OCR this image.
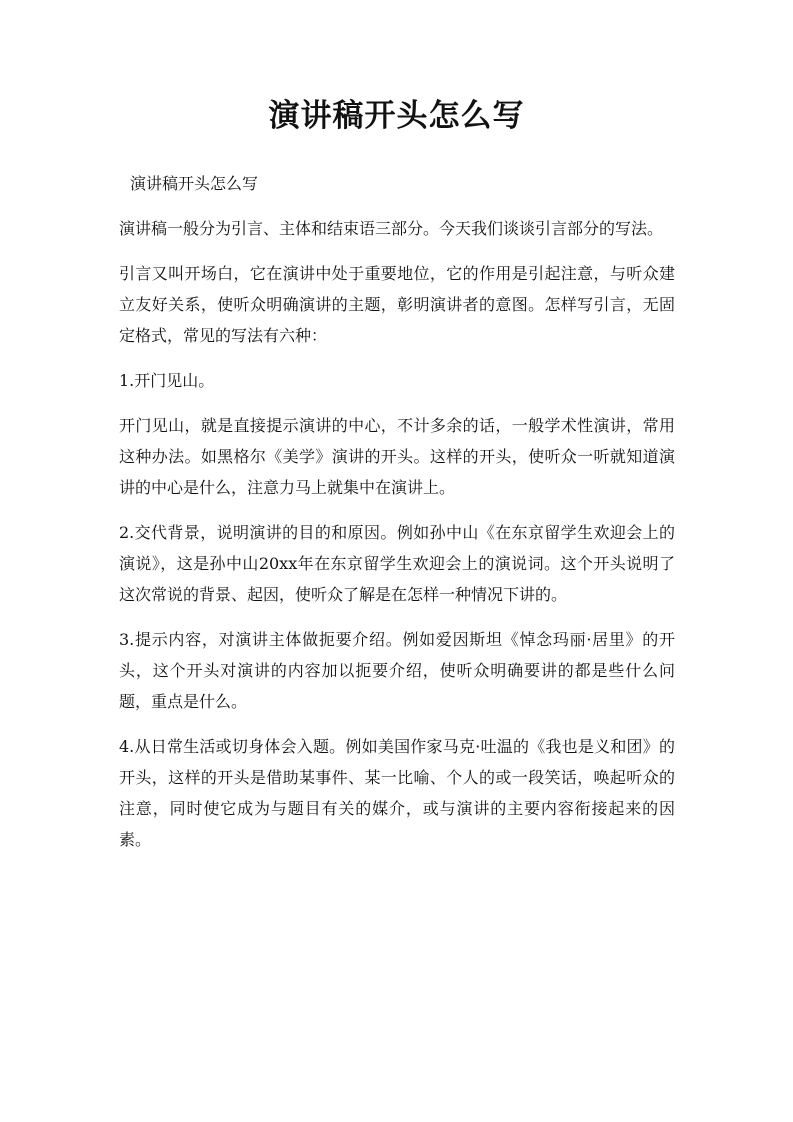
演讲稿开头怎么写
演讲稿开头怎么写

演讲稿一般分为引言、主体和结束语三部分。今天我们谈谈引言部分的写法。

引言又叫开场白，它在演讲中处于重要地位，它的作用是引起注意，与听众建立友好关系，使听众明确演讲的主题，彰明演讲者的意图。怎样写引言，无固定格式，常见的写法有六种：

1.开门见山。

开门见山，就是直接提示演讲的中心，不计多余的话，一般学术性演讲，常用这种办法。如黑格尔《美学》演讲的开头。这样的开头，使听众一听就知道演讲的中心是什么，注意力马上就集中在演讲上。

2.交代背景，说明演讲的目的和原因。例如孙中山《在东京留学生欢迎会上的演说》，这是孙中山20xx年在东京留学生欢迎会上的演说词。这个开头说明了这次常说的背景、起因，使听众了解是在怎样一种情况下讲的。

3.提示内容，对演讲主体做扼要介绍。例如爱因斯坦《悼念玛丽·居里》的开头，这个开头对演讲的内容加以扼要介绍，使听众明确要讲的都是些什么问题，重点是什么。

4.从日常生活或切身体会入题。例如美国作家马克·吐温的《我也是义和团》的开头，这样的开头是借助某事件、某一比喻、个人的或一段笑话，唤起听众的注意，同时使它成为与题目有关的媒介，或与演讲的主要内容衔接起来的因素。
